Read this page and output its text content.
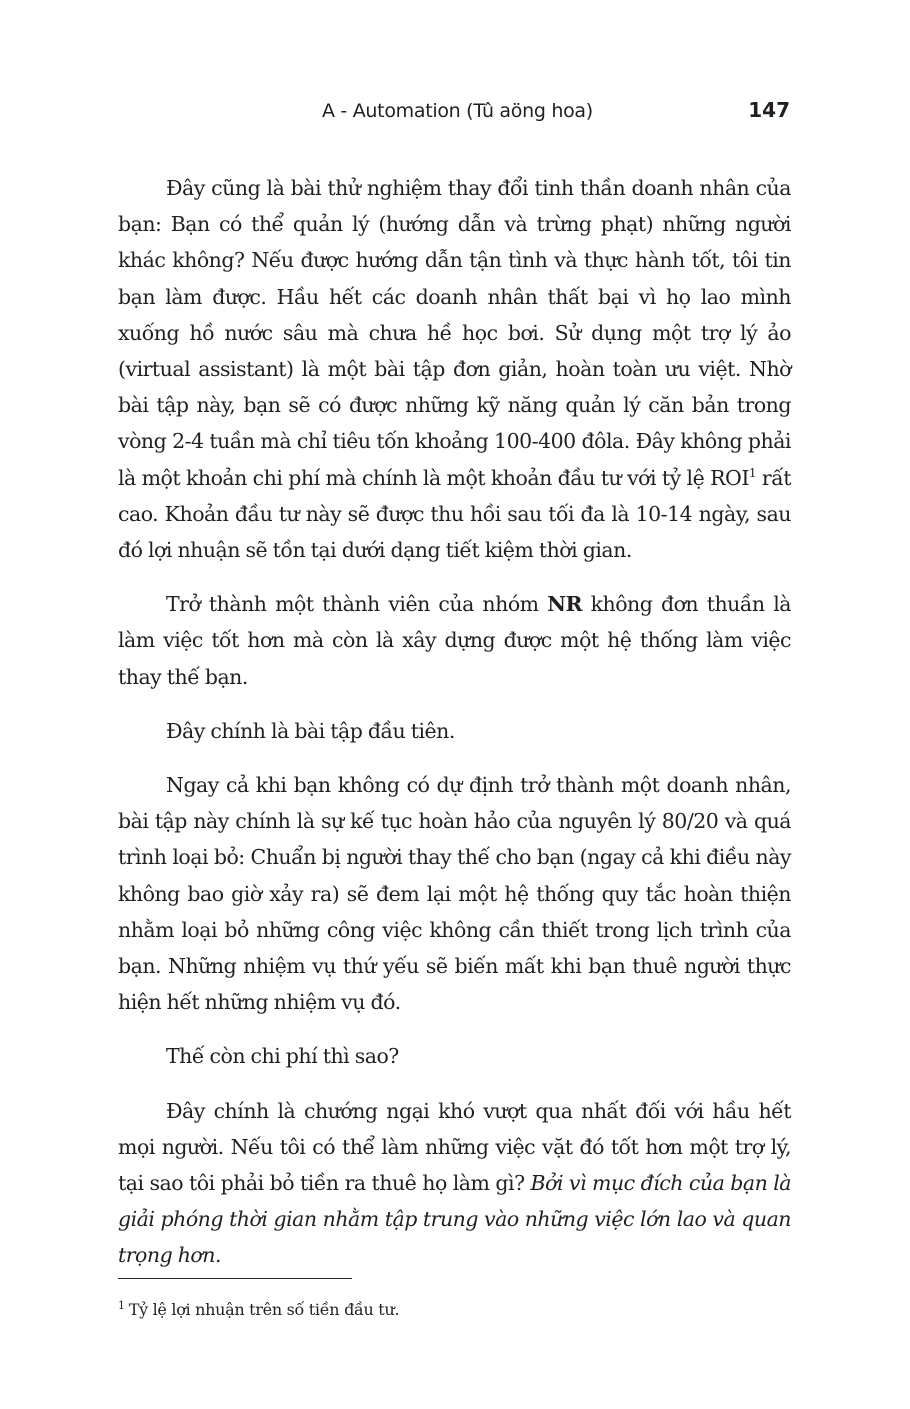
A - Automation (Tû aöng hoa)	147

Đây cũng là bài thử nghiệm thay đổi tinh thần doanh nhân của bạn: Bạn có thể quản lý (hướng dẫn và trừng phạt) những người khác không? Nếu được hướng dẫn tận tình và thực hành tốt, tôi tin bạn làm được. Hầu hết các doanh nhân thất bại vì họ lao mình xuống hồ nước sâu mà chưa hề học bơi. Sử dụng một trợ lý ảo (virtual assistant) là một bài tập đơn giản, hoàn toàn ưu việt. Nhờ bài tập này, bạn sẽ có được những kỹ năng quản lý căn bản trong vòng 2-4 tuần mà chỉ tiêu tốn khoảng 100-400 đôla. Đây không phải là một khoản chi phí mà chính là một khoản đầu tư với tỷ lệ ROI$^1$ rất cao. Khoản đầu tư này sẽ được thu hồi sau tối đa là 10-14 ngày, sau đó lợi nhuận sẽ tồn tại dưới dạng tiết kiệm thời gian.

Trở thành một thành viên của nhóm NR không đơn thuần là làm việc tốt hơn mà còn là xây dựng được một hệ thống làm việc thay thế bạn.

Đây chính là bài tập đầu tiên.

Ngay cả khi bạn không có dự định trở thành một doanh nhân, bài tập này chính là sự kế tục hoàn hảo của nguyên lý 80/20 và quá trình loại bỏ: Chuẩn bị người thay thế cho bạn (ngay cả khi điều này không bao giờ xảy ra) sẽ đem lại một hệ thống quy tắc hoàn thiện nhằm loại bỏ những công việc không cần thiết trong lịch trình của bạn. Những nhiệm vụ thứ yếu sẽ biến mất khi bạn thuê người thực hiện hết những nhiệm vụ đó.

Thế còn chi phí thì sao?

Đây chính là chướng ngại khó vượt qua nhất đối với hầu hết mọi người. Nếu tôi có thể làm những việc vặt đó tốt hơn một trợ lý, tại sao tôi phải bỏ tiền ra thuê họ làm gì? Bởi vì mục đích của bạn là giải phóng thời gian nhằm tập trung vào những việc lớn lao và quan trọng hơn.

$^1$ Tỷ lệ lợi nhuận trên số tiền đầu tư.
